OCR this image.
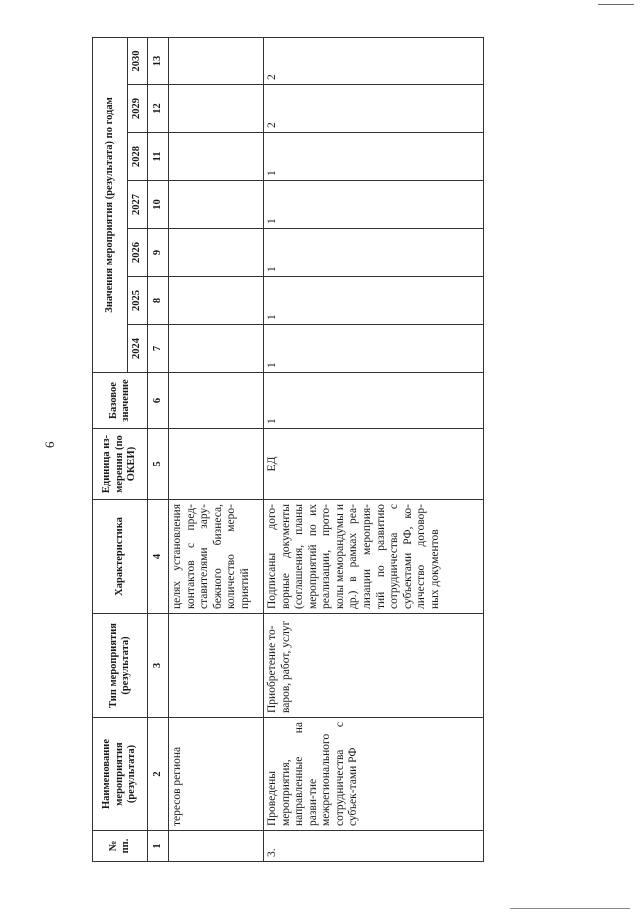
6
№ пп.	Наименование мероприятия (результата)	Тип мероприятия (результата)	Характеристика	Единица из-мерения (по ОКЕИ)	Базовое значение	Значения мероприятия (результата) по годам						
						2024	2025	2026	2027	2028	2029	2030
1	2	3	4	5	6	7	8	9	10	11	12	13
	тересов региона		целях установления контактов с пред-ставителями зару-бежного бизнеса, количество меро-приятий									
3.	Проведены мероприятия, направленные на разви-тие межрегионального сотрудничества с субъек-тами РФ	Приобретение то-варов, работ, услуг	Подписаны дого-ворные документы (соглашения, планы мероприятий по их реализации, прото-колы меморандумы и др.) в рамках реа-лизации мероприя-тий по развитию сотрудничества с субъектами РФ, ко-личество договор-ных документов	ЕД	1	1	1	1	1	1	2	2
